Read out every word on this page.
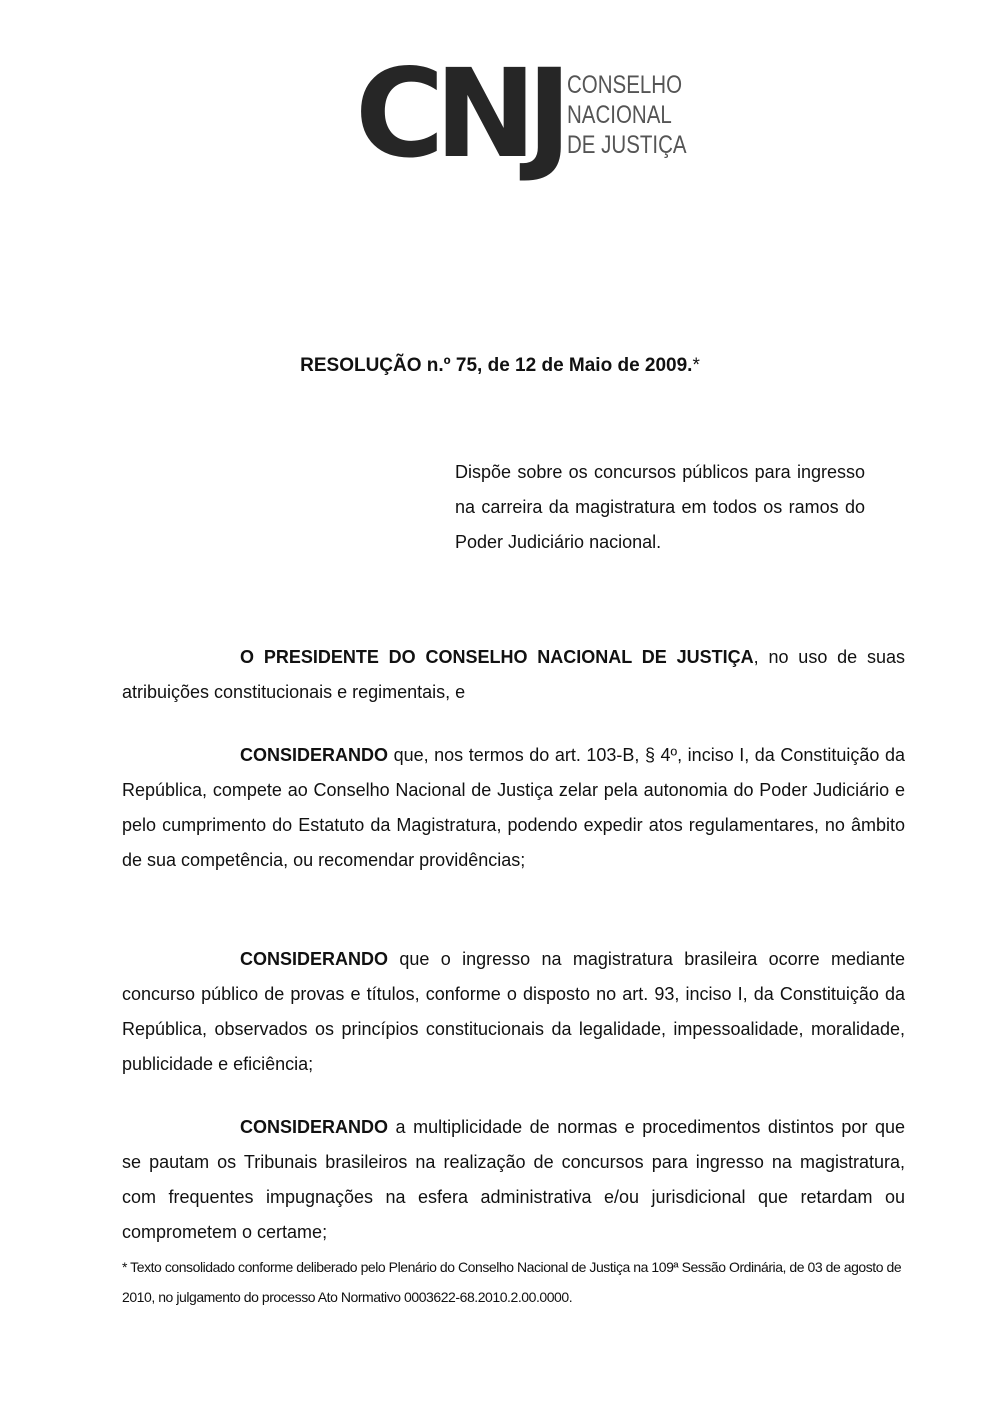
CNJ CONSELHO
NACIONAL
DE JUSTIÇA
RESOLUÇÃO n.º 75, de 12 de Maio de 2009.*
Dispõe sobre os concursos públicos para ingresso na carreira da magistratura em todos os ramos do Poder Judiciário nacional.
O PRESIDENTE DO CONSELHO NACIONAL DE JUSTIÇA, no uso de suas atribuições constitucionais e regimentais, e
CONSIDERANDO que, nos termos do art. 103-B, § 4º, inciso I, da Constituição da República, compete ao Conselho Nacional de Justiça zelar pela autonomia do Poder Judiciário e pelo cumprimento do Estatuto da Magistratura, podendo expedir atos regulamentares, no âmbito de sua competência, ou recomendar providências;
CONSIDERANDO que o ingresso na magistratura brasileira ocorre mediante concurso público de provas e títulos, conforme o disposto no art. 93, inciso I, da Constituição da República, observados os princípios constitucionais da legalidade, impessoalidade, moralidade, publicidade e eficiência;
CONSIDERANDO a multiplicidade de normas e procedimentos distintos por que se pautam os Tribunais brasileiros na realização de concursos para ingresso na magistratura, com frequentes impugnações na esfera administrativa e/ou jurisdicional que retardam ou comprometem o certame;
* Texto consolidado conforme deliberado pelo Plenário do Conselho Nacional de Justiça na 109ª Sessão Ordinária, de 03 de agosto de 2010, no julgamento do processo Ato Normativo 0003622-68.2010.2.00.0000.
